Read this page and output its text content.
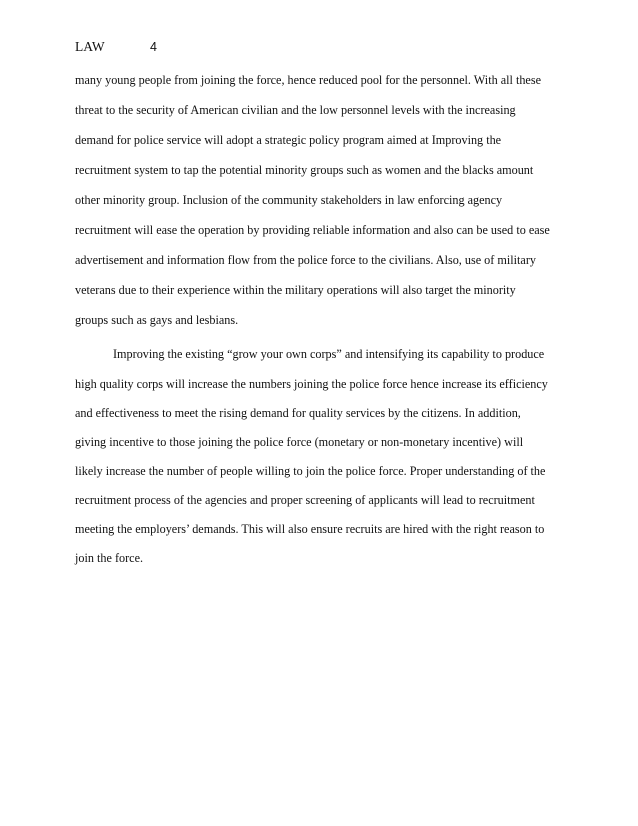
LAW	4
many young people from joining the force, hence reduced pool for the personnel. With all these
threat to the security of American civilian and the low personnel levels with the increasing
demand for police service will adopt a strategic policy program aimed at Improving the
recruitment system to tap the potential minority groups such as women and the blacks amount
other minority group. Inclusion of the community stakeholders in law enforcing agency
recruitment will ease the operation by providing reliable information and also can be used to ease
advertisement and information flow from the police force to the civilians. Also, use of military
veterans due to their experience within the military operations will also target the minority
groups such as gays and lesbians.
Improving the existing “grow your own corps” and intensifying its capability to produce
high quality corps will increase the numbers joining the police force hence increase its efficiency
and effectiveness to meet the rising demand for quality services by the citizens. In addition,
giving incentive to those joining the police force (monetary or non-monetary incentive) will
likely increase the number of people willing to join the police force. Proper understanding of the
recruitment process of the agencies and proper screening of applicants will lead to recruitment
meeting the employers’ demands. This will also ensure recruits are hired with the right reason to
join the force.
